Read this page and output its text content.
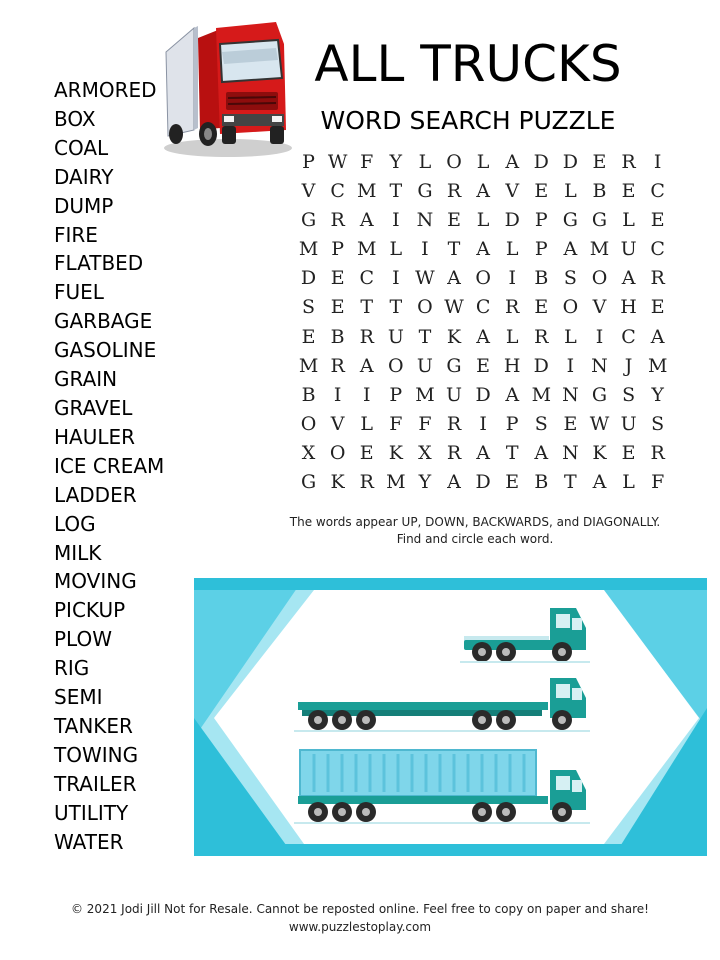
ALL TRUCKS
WORD SEARCH PUZZLE
ARMORED
BOX
COAL
DAIRY
DUMP
FIRE
FLATBED
FUEL
GARBAGE
GASOLINE
GRAIN
GRAVEL
HAULER
ICE CREAM
LADDER
LOG
MILK
MOVING
PICKUP
PLOW
RIG
SEMI
TANKER
TOWING
TRAILER
UTILITY
WATER
P W F Y L O L A D D E R I
V C M T G R A V E L B E C
G R A I N E L D P G G L E
M P M L	I	T A L P A M U C
D E C I W A O I B S O A R
S E T T O W C R E O V H E
E B R U T K A L R L	I C A
M R A O U G E H D I N J M
B I	I P M U D A M N G S Y
O V L F F R I P S E W U S
X O E K X R A T A N K E R
G K R M Y A D E B T A L F
The words appear UP, DOWN, BACKWARDS, and DIAGONALLY.
Find and circle each word.
© 2021 Jodi Jill Not for Resale. Cannot be reposted online. Feel free to copy on paper and share!
www.puzzlestoplay.com
